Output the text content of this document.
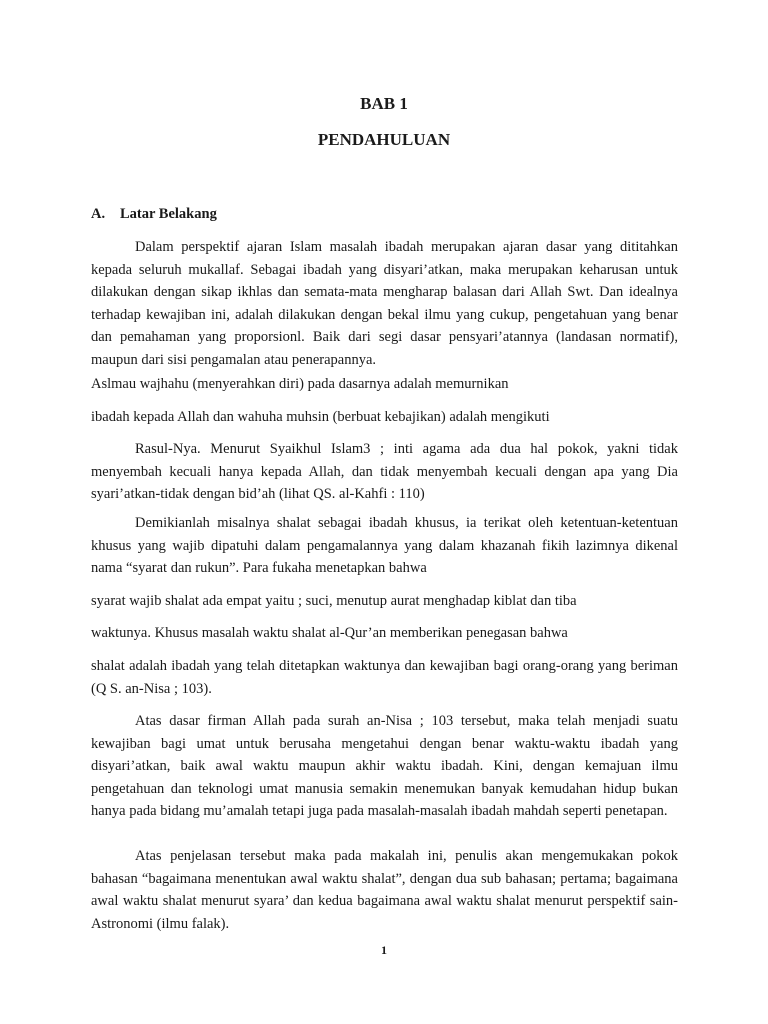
BAB 1
PENDAHULUAN
A. Latar Belakang

Dalam perspektif ajaran Islam masalah ibadah merupakan ajaran dasar yang dititahkan kepada seluruh mukallaf. Sebagai ibadah yang disyari’atkan, maka merupakan keharusan untuk dilakukan dengan sikap ikhlas dan semata-mata mengharap balasan dari Allah Swt. Dan idealnya terhadap kewajiban ini, adalah dilakukan dengan bekal ilmu yang cukup, pengetahuan yang benar dan pemahaman yang proporsionl. Baik dari segi dasar pensyari’atannya (landasan normatif), maupun dari sisi pengamalan atau penerapannya.

Aslmau wajhahu (menyerahkan diri) pada dasarnya adalah memurnikan

ibadah kepada Allah dan wahuha muhsin (berbuat kebajikan) adalah mengikuti

Rasul-Nya. Menurut Syaikhul Islam3 ; inti agama ada dua hal pokok, yakni tidak menyembah kecuali hanya kepada Allah, dan tidak menyembah kecuali dengan apa yang Dia syari’atkan-tidak dengan bid’ah (lihat QS. al-Kahfi : 110)

Demikianlah misalnya shalat sebagai ibadah khusus, ia terikat oleh ketentuan-ketentuan khusus yang wajib dipatuhi dalam pengamalannya yang dalam khazanah fikih lazimnya dikenal nama “syarat dan rukun”. Para fukaha menetapkan bahwa

syarat wajib shalat ada empat yaitu ; suci, menutup aurat menghadap kiblat dan tiba

waktunya. Khusus masalah waktu shalat al-Qur’an memberikan penegasan bahwa

shalat adalah ibadah yang telah ditetapkan waktunya dan kewajiban bagi orang-orang yang beriman (Q S. an-Nisa ; 103).

Atas dasar firman Allah pada surah an-Nisa ; 103 tersebut, maka telah menjadi suatu kewajiban bagi umat untuk berusaha mengetahui dengan benar waktu-waktu ibadah yang disyari’atkan, baik awal waktu maupun akhir waktu ibadah. Kini, dengan kemajuan ilmu pengetahuan dan teknologi umat manusia semakin menemukan banyak kemudahan hidup bukan hanya pada bidang mu’amalah tetapi juga pada masalah-masalah ibadah mahdah seperti penetapan.

Atas penjelasan tersebut maka pada makalah ini, penulis akan mengemukakan pokok bahasan “bagaimana menentukan awal waktu shalat”, dengan dua sub bahasan; pertama; bagaimana awal waktu shalat menurut syara’ dan kedua bagaimana awal waktu shalat menurut perspektif sain-Astronomi (ilmu falak).

1
